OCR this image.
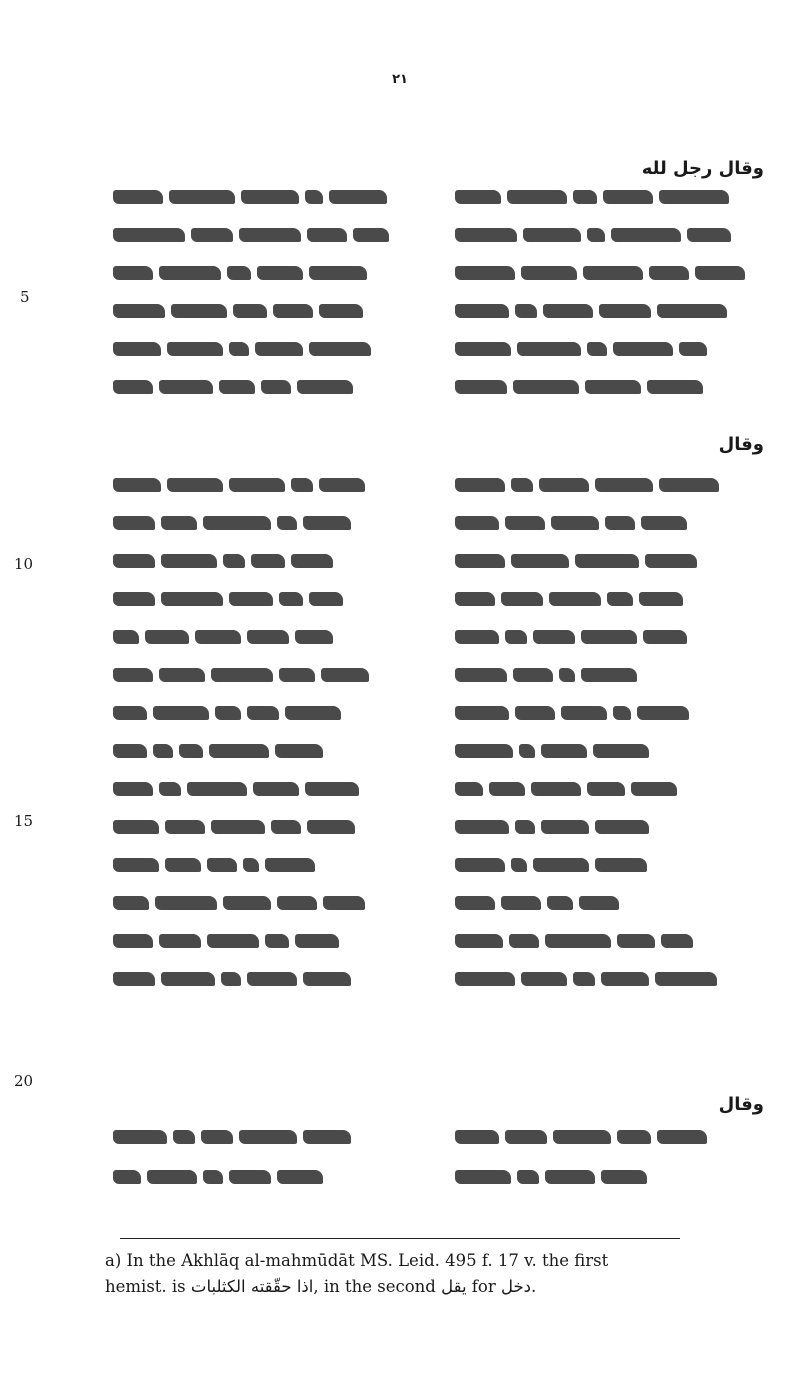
٢١
5
10
15
20
وقال رجل لله
وقال
وقال
a) In the Akhlāq al-mahmūdāt MS. Leid. 495 f. 17 v. the first
hemist. is اذا حقّقته الكثلبات, in the second يقل for دخل.
